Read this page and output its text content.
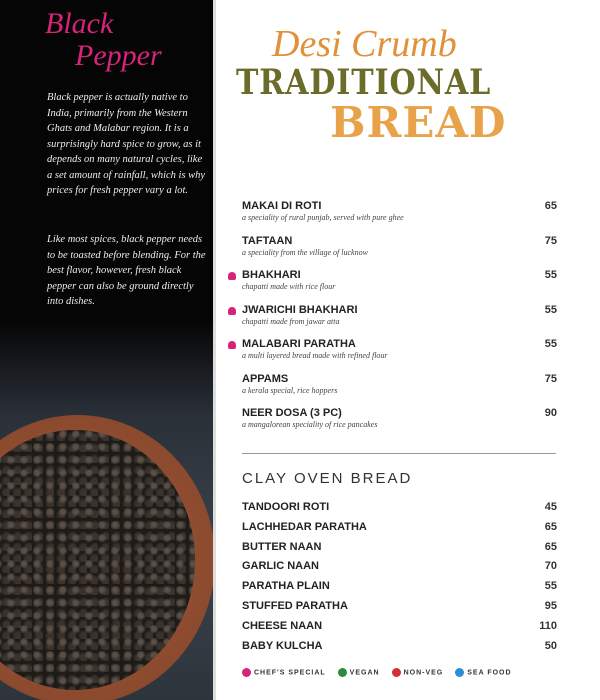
Black
Pepper

Black pepper is actually native to India, primarily from the Western Ghats and Malabar region. It is a surprisingly hard spice to grow, as it depends on many natural cycles, like a set amount of rainfall, which is why prices for fresh pepper vary a lot.

Like most spices, black pepper needs to be toasted before blending. For the best flavor, however, fresh black pepper can also be ground directly into dishes.

Desi Crumb
TRADITIONAL
BREAD
MAKAI DI ROTI
a speciality of rural punjab, served with pure ghee
65
TAFTAAN
a speciality from the village of lucknow
75
BHAKHARI
chapatti made with rice flour
55
JWARICHI BHAKHARI
chapatti made from jawar atta
55
MALABARI PARATHA
a multi layered bread made with refined flour
55
APPAMS
a kerala special, rice hoppers
75
NEER DOSA (3 PC)
a mangalorean speciality of rice pancakes
90
CLAY OVEN BREAD
TANDOORI ROTI	45
LACHHEDAR PARATHA	65
BUTTER NAAN	65
GARLIC NAAN	70
PARATHA PLAIN	55
STUFFED PARATHA	95
CHEESE NAAN	110
BABY KULCHA	50
CHEF'S SPECIAL	VEGAN	NON-VEG	SEA FOOD
